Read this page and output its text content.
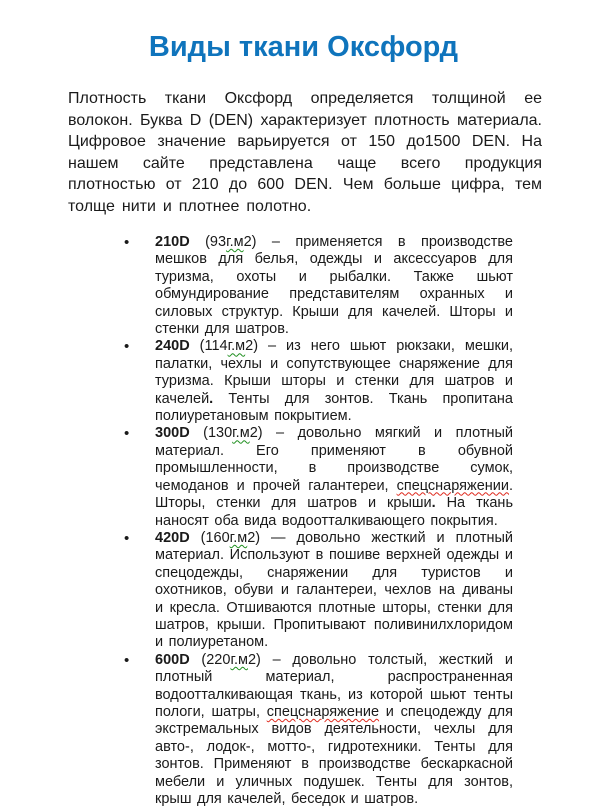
Виды ткани Оксфорд

Плотность ткани Оксфорд определяется толщиной ее волокон. Буква D (DEN) характеризует плотность материала. Цифровое значение варьируется от 150 до1500 DEN. На нашем сайте представлена чаще всего продукция плотностью от 210 до 600 DEN. Чем больше цифра, тем толще нити и плотнее полотно.

• 210D (93г.м2) – применяется в производстве мешков для белья, одежды и аксессуаров для туризма, охоты и рыбалки. Также шьют обмундирование представителям охранных и силовых структур. Крыши для качелей. Шторы и стенки для шатров.
• 240D (114г.м2) – из него шьют рюкзаки, мешки, палатки, чехлы и сопутствующее снаряжение для туризма. Крыши шторы и стенки для шатров и качелей. Тенты для зонтов. Ткань пропитана полиуретановым покрытием.
• 300D (130г.м2) – довольно мягкий и плотный материал. Его применяют в обувной промышленности, в производстве сумок, чемоданов и прочей галантереи, спецснаряжении. Шторы, стенки для шатров и крыши. На ткань наносят оба вида водоотталкивающего покрытия.
• 420D (160г.м2) — довольно жесткий и плотный материал. Используют в пошиве верхней одежды и спецодежды, снаряжении для туристов и охотников, обуви и галантереи, чехлов на диваны и кресла. Отшиваются плотные шторы, стенки для шатров, крыши. Пропитывают поливинилхлоридом и полиуретаном.
• 600D (220г.м2) – довольно толстый, жесткий и плотный материал, распространенная водоотталкивающая ткань, из которой шьют тенты пологи, шатры, спецснаряжение и спецодежду для экстремальных видов деятельности, чехлы для авто-, лодок-, мотто-, гидротехники. Тенты для зонтов. Применяют в производстве бескаркасной мебели и уличных подушек. Тенты для зонтов, крыш для качелей, беседок и шатров.
